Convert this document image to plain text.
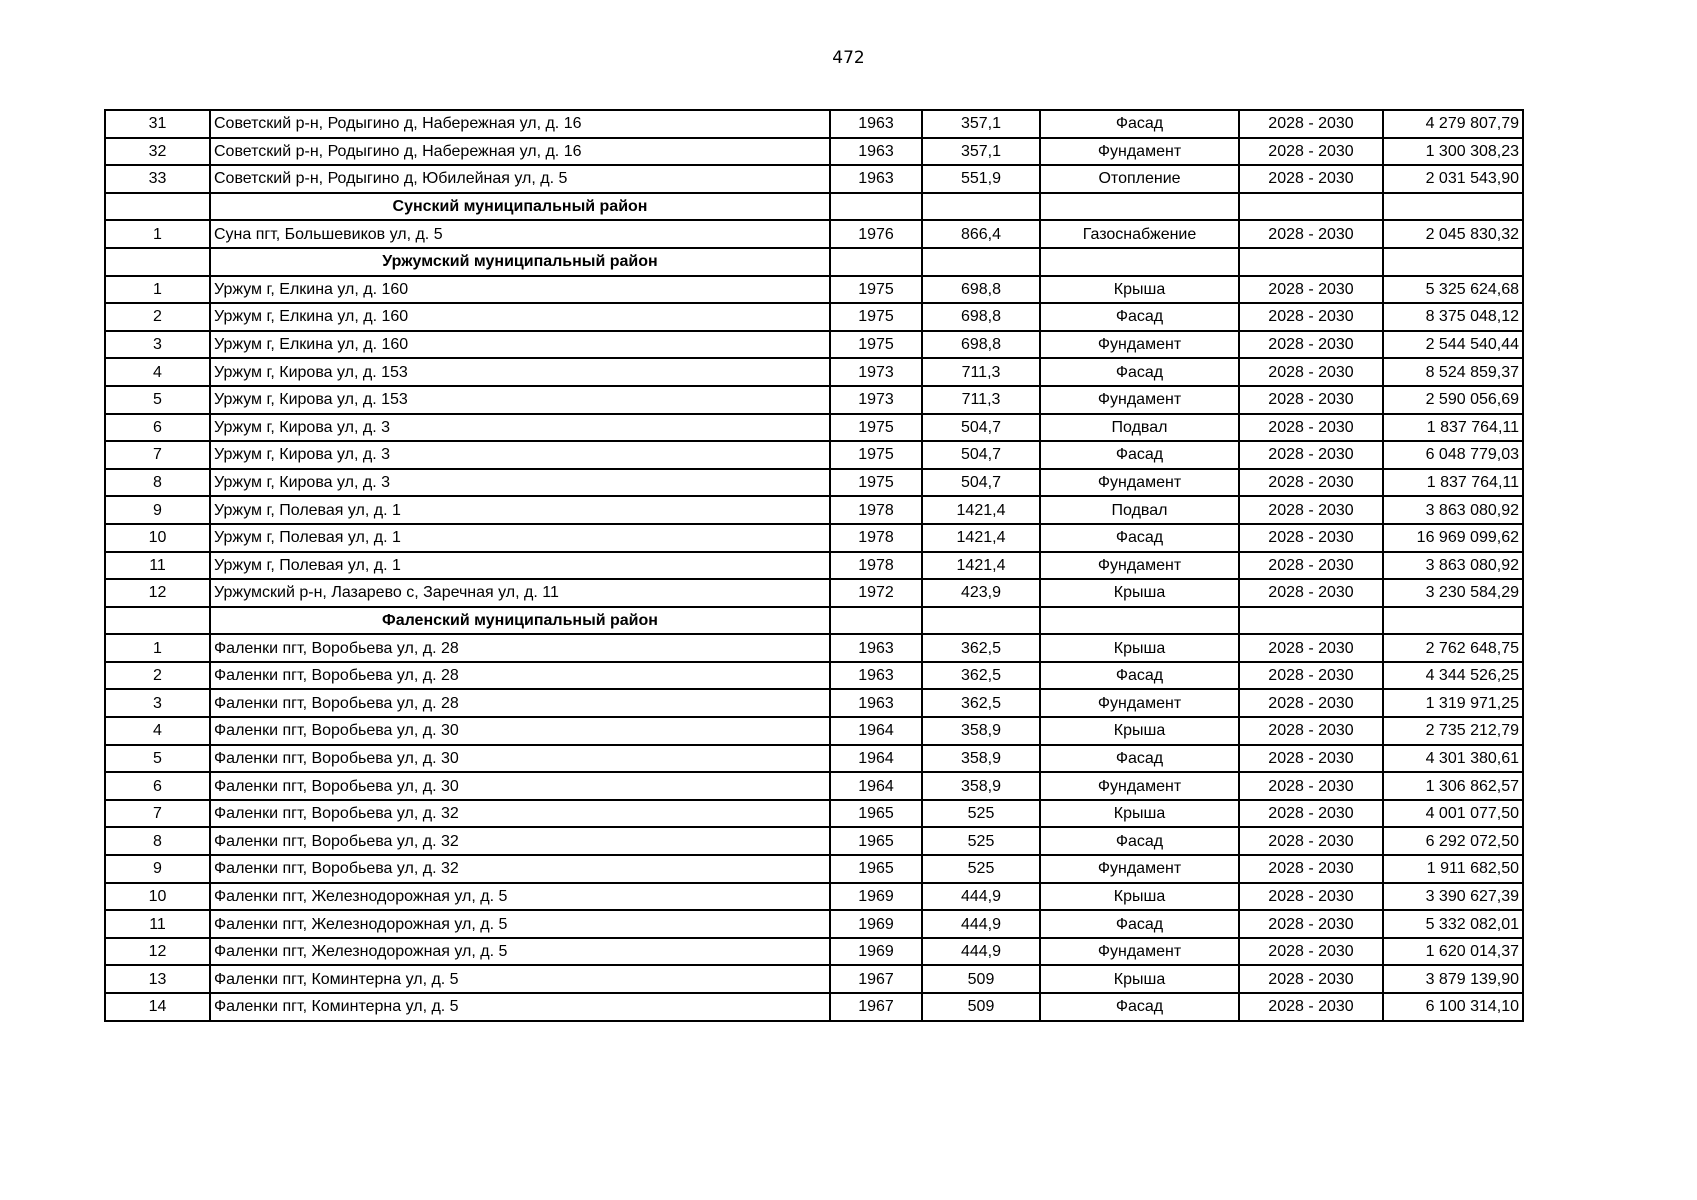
472
31	Советский р-н, Родыгино д, Набережная ул, д. 16	1963	357,1	Фасад	2028 - 2030	4 279 807,79
32	Советский р-н, Родыгино д, Набережная ул, д. 16	1963	357,1	Фундамент	2028 - 2030	1 300 308,23
33	Советский р-н, Родыгино д, Юбилейная ул, д. 5	1963	551,9	Отопление	2028 - 2030	2 031 543,90
	Сунский муниципальный район					
1	Суна пгт, Большевиков ул, д. 5	1976	866,4	Газоснабжение	2028 - 2030	2 045 830,32
	Уржумский муниципальный район					
1	Уржум г, Елкина ул, д. 160	1975	698,8	Крыша	2028 - 2030	5 325 624,68
2	Уржум г, Елкина ул, д. 160	1975	698,8	Фасад	2028 - 2030	8 375 048,12
3	Уржум г, Елкина ул, д. 160	1975	698,8	Фундамент	2028 - 2030	2 544 540,44
4	Уржум г, Кирова ул, д. 153	1973	711,3	Фасад	2028 - 2030	8 524 859,37
5	Уржум г, Кирова ул, д. 153	1973	711,3	Фундамент	2028 - 2030	2 590 056,69
6	Уржум г, Кирова ул, д. 3	1975	504,7	Подвал	2028 - 2030	1 837 764,11
7	Уржум г, Кирова ул, д. 3	1975	504,7	Фасад	2028 - 2030	6 048 779,03
8	Уржум г, Кирова ул, д. 3	1975	504,7	Фундамент	2028 - 2030	1 837 764,11
9	Уржум г, Полевая ул, д. 1	1978	1421,4	Подвал	2028 - 2030	3 863 080,92
10	Уржум г, Полевая ул, д. 1	1978	1421,4	Фасад	2028 - 2030	16 969 099,62
11	Уржум г, Полевая ул, д. 1	1978	1421,4	Фундамент	2028 - 2030	3 863 080,92
12	Уржумский р-н, Лазарево с, Заречная ул, д. 11	1972	423,9	Крыша	2028 - 2030	3 230 584,29
	Фаленский муниципальный район					
1	Фаленки пгт, Воробьева ул, д. 28	1963	362,5	Крыша	2028 - 2030	2 762 648,75
2	Фаленки пгт, Воробьева ул, д. 28	1963	362,5	Фасад	2028 - 2030	4 344 526,25
3	Фаленки пгт, Воробьева ул, д. 28	1963	362,5	Фундамент	2028 - 2030	1 319 971,25
4	Фаленки пгт, Воробьева ул, д. 30	1964	358,9	Крыша	2028 - 2030	2 735 212,79
5	Фаленки пгт, Воробьева ул, д. 30	1964	358,9	Фасад	2028 - 2030	4 301 380,61
6	Фаленки пгт, Воробьева ул, д. 30	1964	358,9	Фундамент	2028 - 2030	1 306 862,57
7	Фаленки пгт, Воробьева ул, д. 32	1965	525	Крыша	2028 - 2030	4 001 077,50
8	Фаленки пгт, Воробьева ул, д. 32	1965	525	Фасад	2028 - 2030	6 292 072,50
9	Фаленки пгт, Воробьева ул, д. 32	1965	525	Фундамент	2028 - 2030	1 911 682,50
10	Фаленки пгт, Железнодорожная ул, д. 5	1969	444,9	Крыша	2028 - 2030	3 390 627,39
11	Фаленки пгт, Железнодорожная ул, д. 5	1969	444,9	Фасад	2028 - 2030	5 332 082,01
12	Фаленки пгт, Железнодорожная ул, д. 5	1969	444,9	Фундамент	2028 - 2030	1 620 014,37
13	Фаленки пгт, Коминтерна ул, д. 5	1967	509	Крыша	2028 - 2030	3 879 139,90
14	Фаленки пгт, Коминтерна ул, д. 5	1967	509	Фасад	2028 - 2030	6 100 314,10
